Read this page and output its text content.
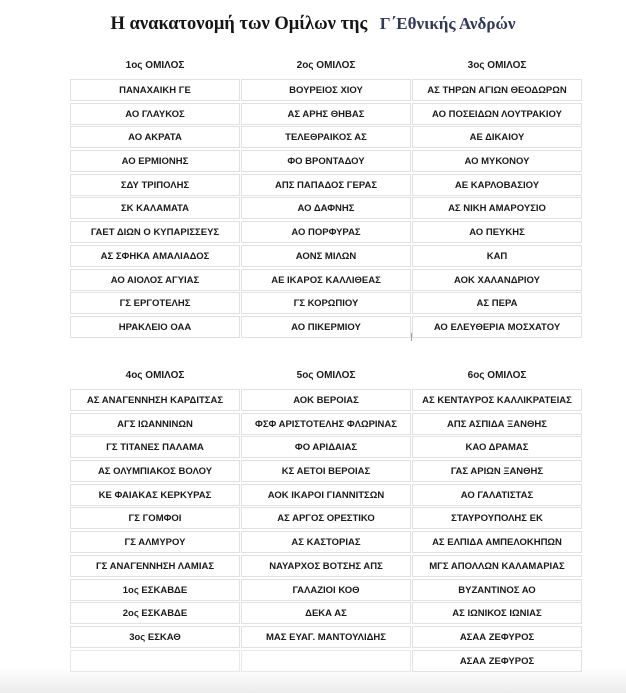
Η ανακατονομή των Ομίλων της Γ΄Εθνικής Ανδρών
1ος ΟΜΙΛΟΣ
ΠΑΝΑΧΑΙΚΗ ΓΕ
ΑΟ ΓΛΑΥΚΟΣ
ΑΟ ΑΚΡΑΤΑ
ΑΟ ΕΡΜΙΟΝΗΣ
ΣΔΥ ΤΡΙΠΟΛΗΣ
ΣΚ ΚΑΛΑΜΑΤΑ
ΓΑΕΤ ΔΙΩΝ Ο ΚΥΠΑΡΙΣΣΕΥΣ
ΑΣ ΣΦΗΚΑ ΑΜΑΛΙΑΔΟΣ
ΑΟ ΑΙΟΛΟΣ ΑΓΥΙΑΣ
ΓΣ ΕΡΓΟΤΕΛΗΣ
ΗΡΑΚΛΕΙΟ ΟΑΑ
2ος ΟΜΙΛΟΣ
ΒΟΥΡΕΙΟΣ ΧΙΟΥ
ΑΣ ΑΡΗΣ ΘΗΒΑΣ
ΤΕΛΕΘΡΑΙΚΟΣ ΑΣ
ΦΟ ΒΡΟΝΤΑΔΟΥ
ΑΠΣ ΠΑΠΑΔΟΣ ΓΕΡΑΣ
ΑΟ ΔΑΦΝΗΣ
ΑΟ ΠΟΡΦΥΡΑΣ
ΑΟΝΣ ΜΙΛΩΝ
ΑΕ ΙΚΑΡΟΣ ΚΑΛΛΙΘΕΑΣ
ΓΣ ΚΟΡΩΠΙΟΥ
ΑΟ ΠΙΚΕΡΜΙΟΥ
3ος ΟΜΙΛΟΣ
ΑΣ ΤΗΡΩΝ ΑΓΙΩΝ ΘΕΟΔΩΡΩΝ
ΑΟ ΠΟΣΕΙΔΩΝ ΛΟΥΤΡΑΚΙΟΥ
ΑΕ ΔΙΚΑΙΟΥ
ΑΟ ΜΥΚΟΝΟΥ
ΑΕ ΚΑΡΛΟΒΑΣΙΟΥ
ΑΣ ΝΙΚΗ ΑΜΑΡΟΥΣΙΟ
ΑΟ ΠΕΥΚΗΣ
ΚΑΠ
ΑΟΚ ΧΑΛΑΝΔΡΙΟΥ
ΑΣ ΠΕΡΑ
ΑΟ ΕΛΕΥΘΕΡΙΑ ΜΟΣΧΑΤΟΥ
4ος ΟΜΙΛΟΣ
ΑΣ ΑΝΑΓΕΝΝΗΣΗ ΚΑΡΔΙΤΣΑΣ
ΑΓΣ ΙΩΑΝΝΙΝΩΝ
ΓΣ ΤΙΤΑΝΕΣ ΠΑΛΑΜΑ
ΑΣ ΟΛΥΜΠΙΑΚΟΣ ΒΟΛΟΥ
ΚΕ ΦΑΙΑΚΑΣ ΚΕΡΚΥΡΑΣ
ΓΣ ΓΟΜΦΟΙ
ΓΣ ΑΛΜΥΡΟΥ
ΓΣ ΑΝΑΓΕΝΝΗΣΗ ΛΑΜΙΑΣ
1ος ΕΣΚΑΒΔΕ
2ος ΕΣΚΑΒΔΕ
3ος ΕΣΚΑΘ
5ος ΟΜΙΛΟΣ
ΑΟΚ ΒΕΡΟΙΑΣ
ΦΣΦ ΑΡΙΣΤΟΤΕΛΗΣ ΦΛΩΡΙΝΑΣ
ΦΟ ΑΡΙΔΑΙΑΣ
ΚΣ ΑΕΤΟΙ ΒΕΡΟΙΑΣ
ΑΟΚ ΙΚΑΡΟΙ ΓΙΑΝΝΙΤΣΩΝ
ΑΣ ΑΡΓΟΣ ΟΡΕΣΤΙΚΟ
ΑΣ ΚΑΣΤΟΡΙΑΣ
ΝΑΥΑΡΧΟΣ ΒΟΤΣΗΣ ΑΠΣ
ΓΑΛΑΖΙΟΙ ΚΟΘ
ΔΕΚΑ ΑΣ
ΜΑΣ ΕΥΑΓ. ΜΑΝΤΟΥΛΙΔΗΣ
6ος ΟΜΙΛΟΣ
ΑΣ ΚΕΝΤΑΥΡΟΣ ΚΑΛΛΙΚΡΑΤΕΙΑΣ
ΑΠΣ ΑΣΠΙΔΑ ΞΑΝΘΗΣ
ΚΑΟ ΔΡΑΜΑΣ
ΓΑΣ ΑΡΙΩΝ ΞΑΝΘΗΣ
ΑΟ ΓΑΛΑΤΙΣΤΑΣ
ΣΤΑΥΡΟΥΠΟΛΗΣ ΕΚ
ΑΣ ΕΛΠΙΔΑ ΑΜΠΕΛΟΚΗΠΩΝ
ΜΓΣ ΑΠΟΛΛΩΝ ΚΑΛΑΜΑΡΙΑΣ
ΒΥΖΑΝΤΙΝΟΣ ΑΟ
ΑΣ ΙΩΝΙΚΟΣ ΙΩΝΙΑΣ
ΑΣΑΑ ΖΕΦΥΡΟΣ
ΑΣΑΑ ΖΕΦΥΡΟΣ
